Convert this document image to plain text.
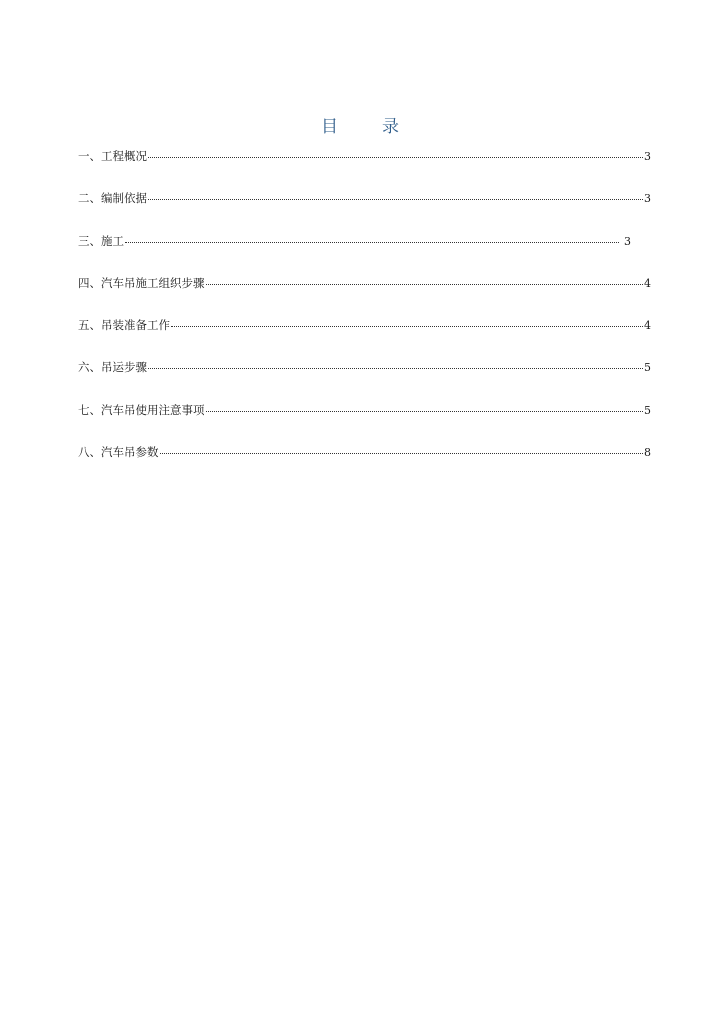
目	录
一、工程概况	3
二、编制依据	3
三、施工	3
四、汽车吊施工组织步骤	4
五、吊装准备工作	4
六、吊运步骤	5
七、汽车吊使用注意事项	5
八、汽车吊参数	8
